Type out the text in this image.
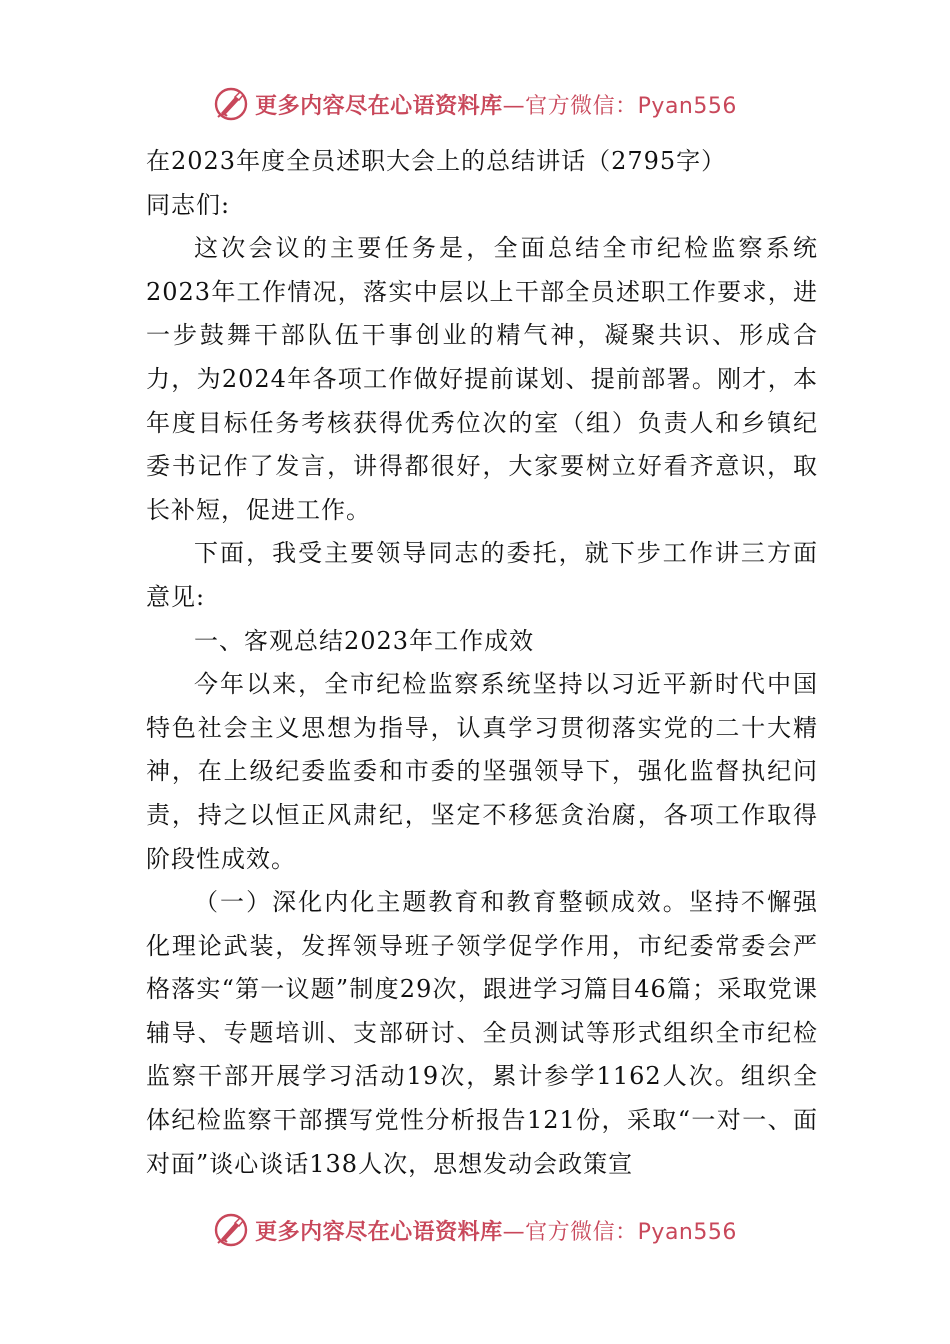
更多内容尽在心语资料库—官方微信：Pyan556

在2023年度全员述职大会上的总结讲话（2795字）

同志们:

这次会议的主要任务是，全面总结全市纪检监察系统2023年工作情况，落实中层以上干部全员述职工作要求，进一步鼓舞干部队伍干事创业的精气神，凝聚共识、形成合力，为2024年各项工作做好提前谋划、提前部署。刚才，本年度目标任务考核获得优秀位次的室（组）负责人和乡镇纪委书记作了发言，讲得都很好，大家要树立好看齐意识，取长补短，促进工作。

下面，我受主要领导同志的委托，就下步工作讲三方面意见:

一、客观总结2023年工作成效

今年以来，全市纪检监察系统坚持以习近平新时代中国特色社会主义思想为指导，认真学习贯彻落实党的二十大精神，在上级纪委监委和市委的坚强领导下，强化监督执纪问责，持之以恒正风肃纪，坚定不移惩贪治腐，各项工作取得阶段性成效。

（一）深化内化主题教育和教育整顿成效。坚持不懈强化理论武装，发挥领导班子领学促学作用，市纪委常委会严格落实“第一议题”制度29次，跟进学习篇目46篇；采取党课辅导、专题培训、支部研讨、全员测试等形式组织全市纪检监察干部开展学习活动19次，累计参学1162人次。组织全体纪检监察干部撰写党性分析报告121份，采取“一对一、面对面”谈心谈话138人次，思想发动会政策宣

更多内容尽在心语资料库—官方微信：Pyan556
